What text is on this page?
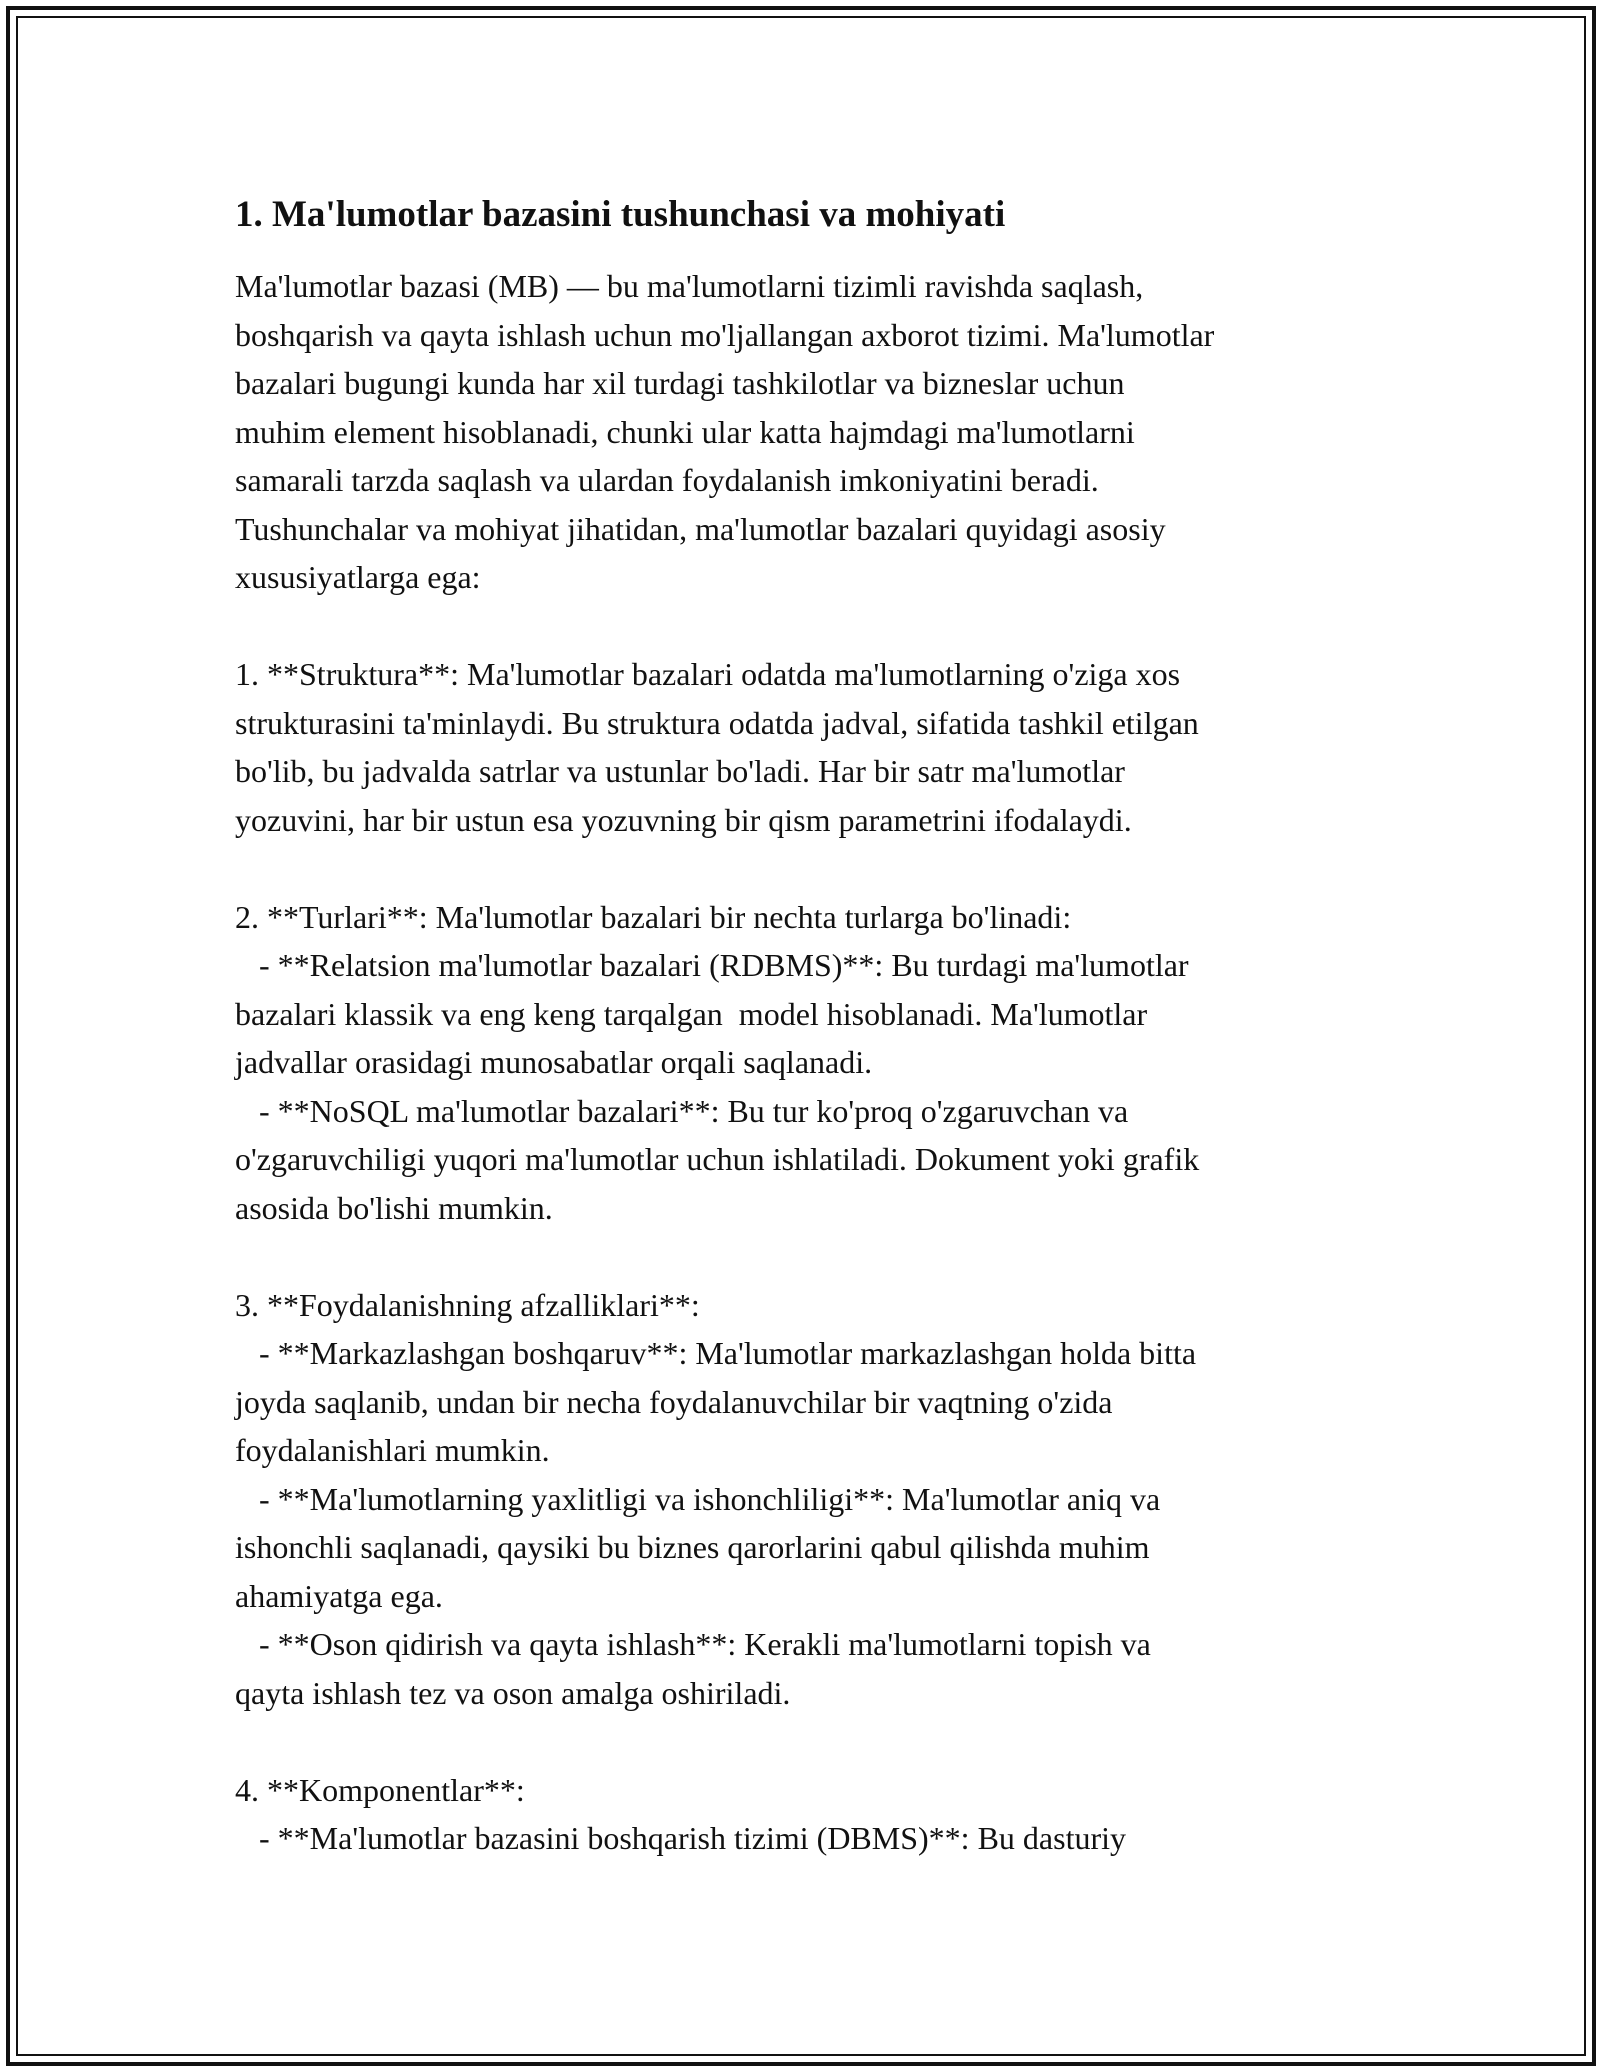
1. Ma'lumotlar bazasini tushunchasi va mohiyati
Ma'lumotlar bazasi (MB) — bu ma'lumotlarni tizimli ravishda saqlash,
boshqarish va qayta ishlash uchun mo'ljallangan axborot tizimi. Ma'lumotlar
bazalari bugungi kunda har xil turdagi tashkilotlar va bizneslar uchun
muhim element hisoblanadi, chunki ular katta hajmdagi ma'lumotlarni
samarali tarzda saqlash va ulardan foydalanish imkoniyatini beradi.
Tushunchalar va mohiyat jihatidan, ma'lumotlar bazalari quyidagi asosiy
xususiyatlarga ega:
1. **Struktura**: Ma'lumotlar bazalari odatda ma'lumotlarning o'ziga xos
strukturasini ta'minlaydi. Bu struktura odatda jadval, sifatida tashkil etilgan
bo'lib, bu jadvalda satrlar va ustunlar bo'ladi. Har bir satr ma'lumotlar
yozuvini, har bir ustun esa yozuvning bir qism parametrini ifodalaydi.
2. **Turlari**: Ma'lumotlar bazalari bir nechta turlarga bo'linadi:
- **Relatsion ma'lumotlar bazalari (RDBMS)**: Bu turdagi ma'lumotlar
bazalari klassik va eng keng tarqalgan  model hisoblanadi. Ma'lumotlar
jadvallar orasidagi munosabatlar orqali saqlanadi.
- **NoSQL ma'lumotlar bazalari**: Bu tur ko'proq o'zgaruvchan va
o'zgaruvchiligi yuqori ma'lumotlar uchun ishlatiladi. Dokument yoki grafik
asosida bo'lishi mumkin.
3. **Foydalanishning afzalliklari**:
- **Markazlashgan boshqaruv**: Ma'lumotlar markazlashgan holda bitta
joyda saqlanib, undan bir necha foydalanuvchilar bir vaqtning o'zida
foydalanishlari mumkin.
- **Ma'lumotlarning yaxlitligi va ishonchliligi**: Ma'lumotlar aniq va
ishonchli saqlanadi, qaysiki bu biznes qarorlarini qabul qilishda muhim
ahamiyatga ega.
- **Oson qidirish va qayta ishlash**: Kerakli ma'lumotlarni topish va
qayta ishlash tez va oson amalga oshiriladi.
4. **Komponentlar**:
- **Ma'lumotlar bazasini boshqarish tizimi (DBMS)**: Bu dasturiy
